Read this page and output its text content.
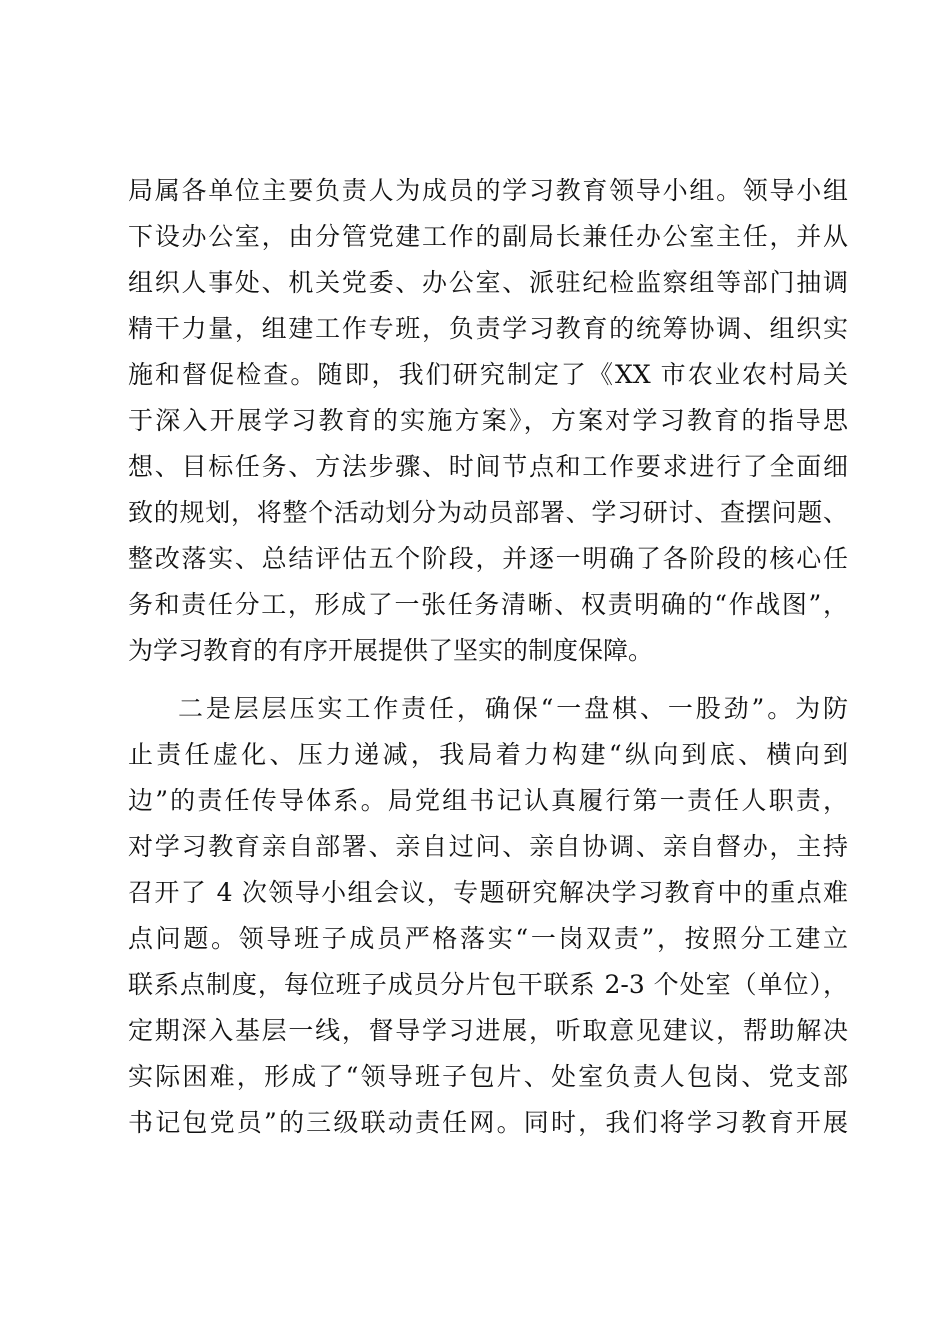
局属各单位主要负责人为成员的学习教育领导小组。领导小组
下设办公室，由分管党建工作的副局长兼任办公室主任，并从
组织人事处、机关党委、办公室、派驻纪检监察组等部门抽调
精干力量，组建工作专班，负责学习教育的统筹协调、组织实
施和督促检查。随即，我们研究制定了《XX 市农业农村局关
于深入开展学习教育的实施方案》，方案对学习教育的指导思
想、目标任务、方法步骤、时间节点和工作要求进行了全面细
致的规划，将整个活动划分为动员部署、学习研讨、查摆问题、
整改落实、总结评估五个阶段，并逐一明确了各阶段的核心任
务和责任分工，形成了一张任务清晰、权责明确的“作战图”，
为学习教育的有序开展提供了坚实的制度保障。
二是层层压实工作责任，确保“一盘棋、一股劲”。为防
止责任虚化、压力递减，我局着力构建“纵向到底、横向到
边”的责任传导体系。局党组书记认真履行第一责任人职责，
对学习教育亲自部署、亲自过问、亲自协调、亲自督办，主持
召开了 4 次领导小组会议，专题研究解决学习教育中的重点难
点问题。领导班子成员严格落实“一岗双责”，按照分工建立
联系点制度，每位班子成员分片包干联系 2-3 个处室（单位），
定期深入基层一线，督导学习进展，听取意见建议，帮助解决
实际困难，形成了“领导班子包片、处室负责人包岗、党支部
书记包党员”的三级联动责任网。同时，我们将学习教育开展
